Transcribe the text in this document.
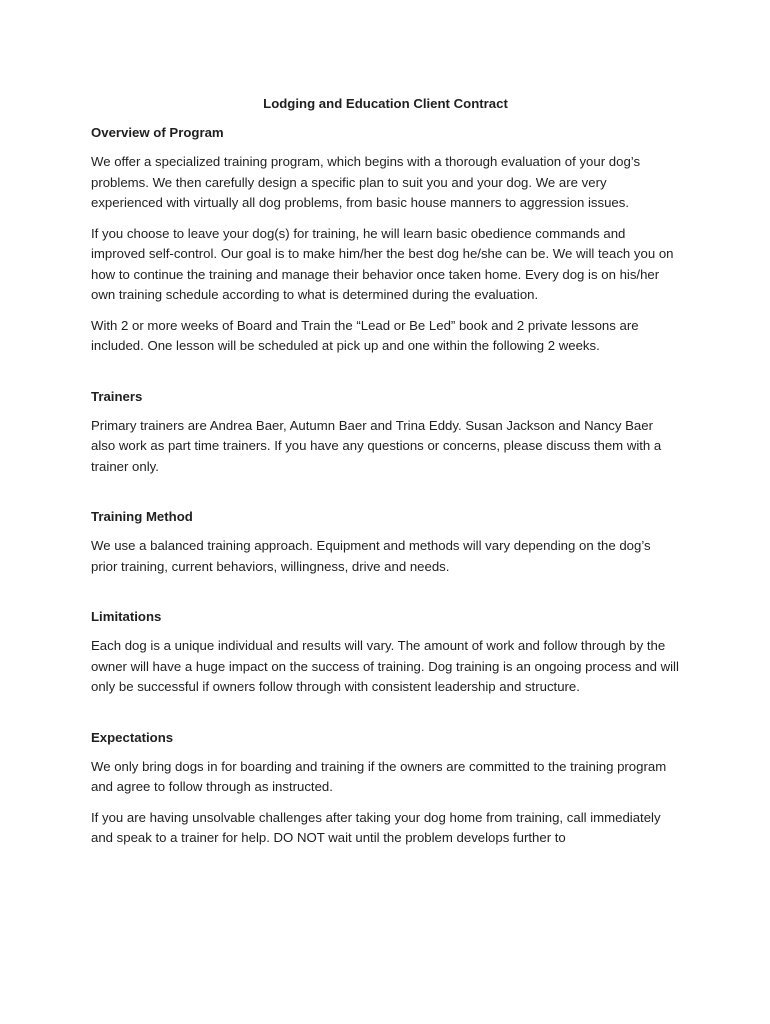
Lodging and Education Client Contract
Overview of Program

We offer a specialized training program, which begins with a thorough evaluation of your dog’s problems. We then carefully design a specific plan to suit you and your dog. We are very experienced with virtually all dog problems, from basic house manners to aggression issues.

If you choose to leave your dog(s) for training, he will learn basic obedience commands and improved self-control. Our goal is to make him/her the best dog he/she can be. We will teach you on how to continue the training and manage their behavior once taken home. Every dog is on his/her own training schedule according to what is determined during the evaluation.

With 2 or more weeks of Board and Train the “Lead or Be Led” book and 2 private lessons are included. One lesson will be scheduled at pick up and one within the following 2 weeks.

Trainers

Primary trainers are Andrea Baer, Autumn Baer and Trina Eddy. Susan Jackson and Nancy Baer also work as part time trainers. If you have any questions or concerns, please discuss them with a trainer only.

Training Method

We use a balanced training approach. Equipment and methods will vary depending on the dog’s prior training, current behaviors, willingness, drive and needs.

Limitations

Each dog is a unique individual and results will vary. The amount of work and follow through by the owner will have a huge impact on the success of training. Dog training is an ongoing process and will only be successful if owners follow through with consistent leadership and structure.

Expectations

We only bring dogs in for boarding and training if the owners are committed to the training program and agree to follow through as instructed.

If you are having unsolvable challenges after taking your dog home from training, call immediately and speak to a trainer for help. DO NOT wait until the problem develops further to
